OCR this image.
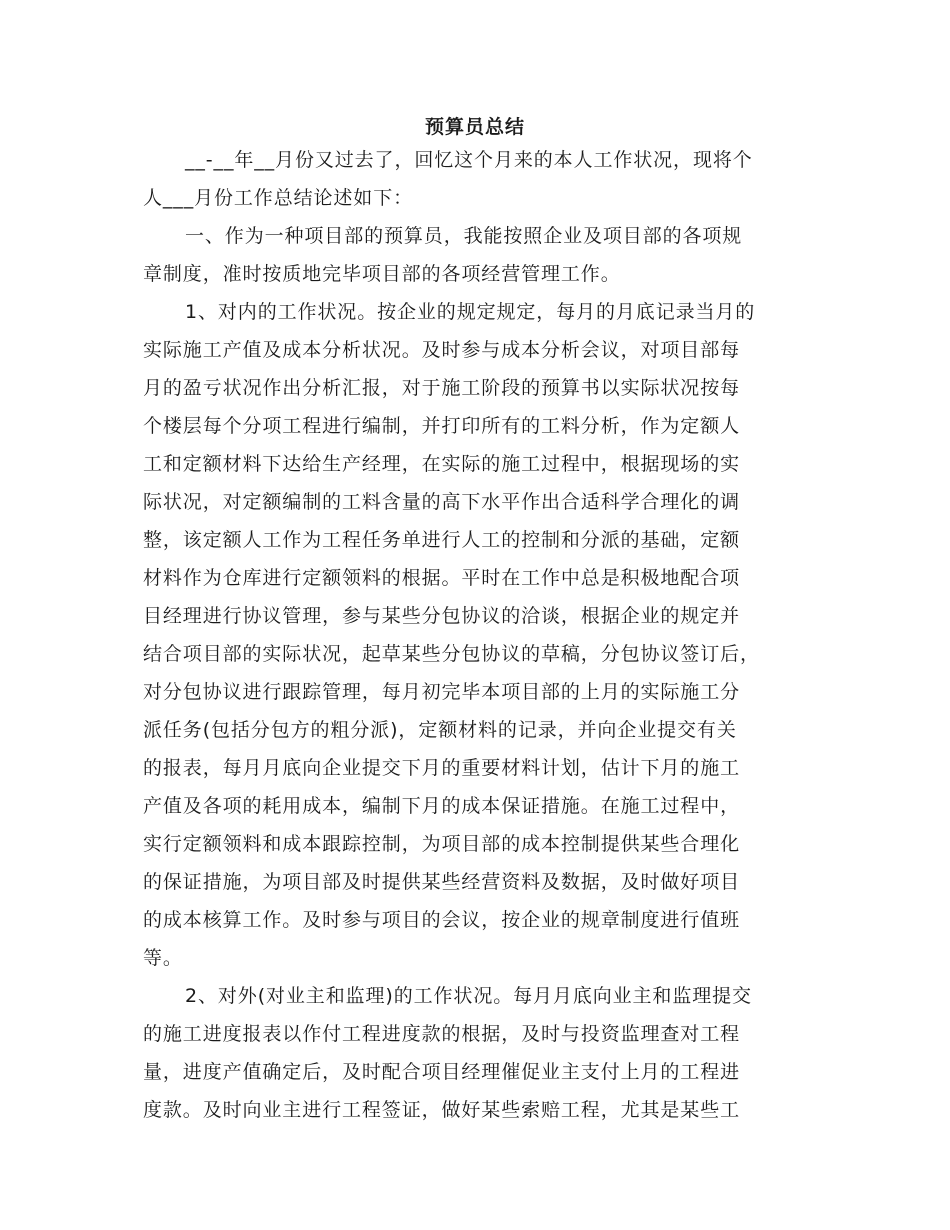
预算员总结

__-__年__月份又过去了，回忆这个月来的本人工作状况，现将个

人___月份工作总结论述如下：

一、作为一种项目部的预算员，我能按照企业及项目部的各项规

章制度，准时按质地完毕项目部的各项经营管理工作。

1、对内的工作状况。按企业的规定规定，每月的月底记录当月的

实际施工产值及成本分析状况。及时参与成本分析会议，对项目部每

月的盈亏状况作出分析汇报，对于施工阶段的预算书以实际状况按每

个楼层每个分项工程进行编制，并打印所有的工料分析，作为定额人

工和定额材料下达给生产经理，在实际的施工过程中，根据现场的实

际状况，对定额编制的工料含量的高下水平作出合适科学合理化的调

整，该定额人工作为工程任务单进行人工的控制和分派的基础，定额

材料作为仓库进行定额领料的根据。平时在工作中总是积极地配合项

目经理进行协议管理，参与某些分包协议的洽谈，根据企业的规定并

结合项目部的实际状况，起草某些分包协议的草稿，分包协议签订后，

对分包协议进行跟踪管理，每月初完毕本项目部的上月的实际施工分

派任务(包括分包方的粗分派)，定额材料的记录，并向企业提交有关

的报表，每月月底向企业提交下月的重要材料计划，估计下月的施工

产值及各项的耗用成本，编制下月的成本保证措施。在施工过程中，

实行定额领料和成本跟踪控制，为项目部的成本控制提供某些合理化

的保证措施，为项目部及时提供某些经营资料及数据，及时做好项目

的成本核算工作。及时参与项目的会议，按企业的规章制度进行值班

等。

2、对外(对业主和监理)的工作状况。每月月底向业主和监理提交

的施工进度报表以作付工程进度款的根据，及时与投资监理查对工程

量，进度产值确定后，及时配合项目经理催促业主支付上月的工程进

度款。及时向业主进行工程签证，做好某些索赔工程，尤其是某些工
